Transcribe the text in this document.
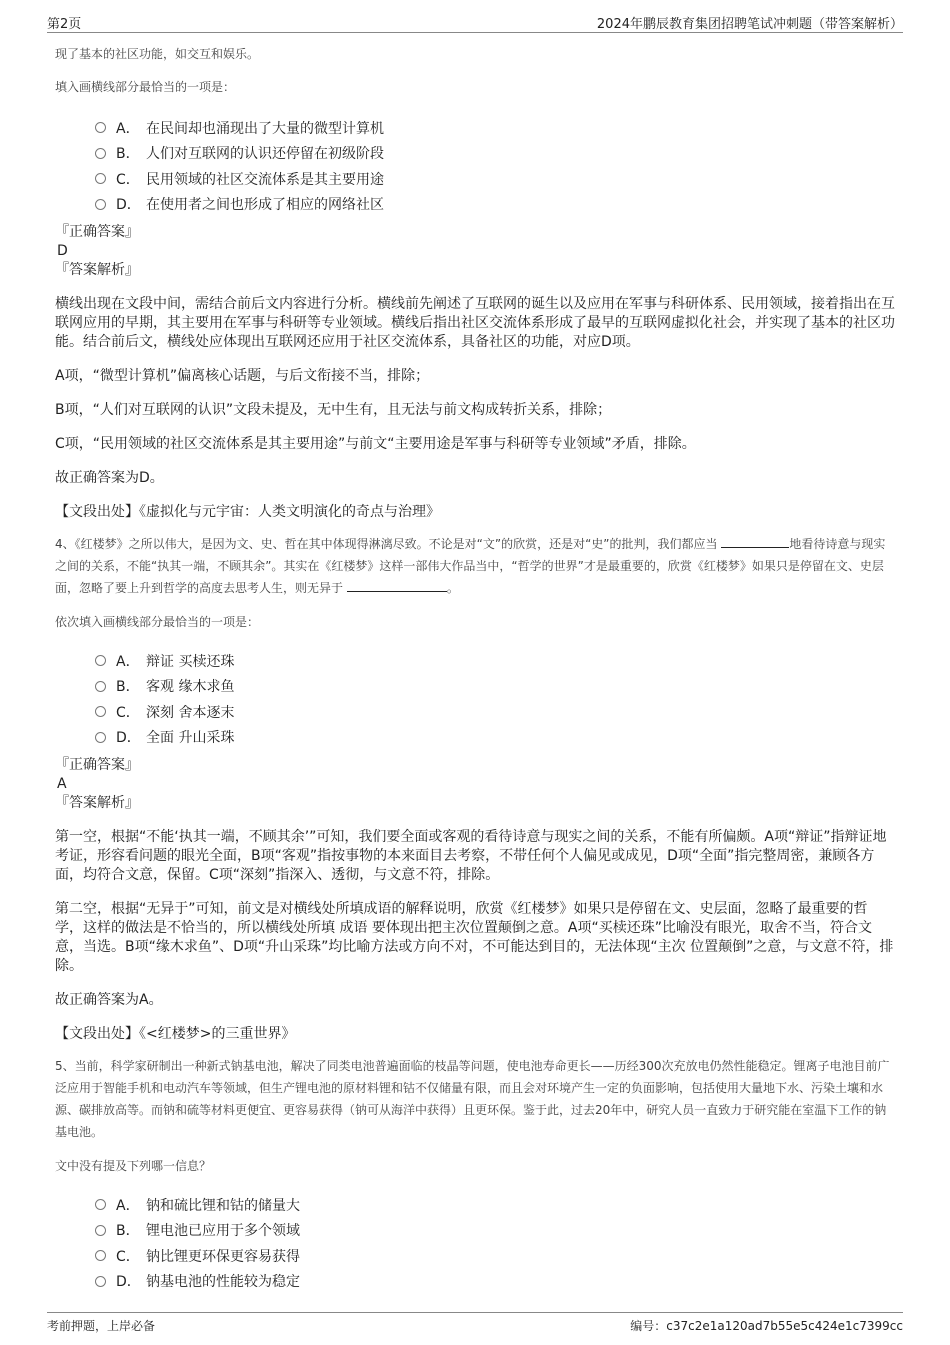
第2页	2024年鹏辰教育集团招聘笔试冲刺题（带答案解析）

现了基本的社区功能，如交互和娱乐。

填入画横线部分最恰当的一项是：

A． 在民间却也涌现出了大量的微型计算机
B． 人们对互联网的认识还停留在初级阶段
C． 民用领域的社区交流体系是其主要用途
D． 在使用者之间也形成了相应的网络社区

『正确答案』

D

『答案解析』

横线出现在文段中间，需结合前后文内容进行分析。横线前先阐述了互联网的诞生以及应用在军事与科研体系、民用领域，接着指出在互联网应用的早期，其主要用在军事与科研等专业领域。横线后指出社区交流体系形成了最早的互联网虚拟化社会，并实现了基本的社区功能。结合前后文，横线处应体现出互联网还应用于社区交流体系，具备社区的功能，对应D项。

A项，“微型计算机”偏离核心话题，与后文衔接不当，排除；

B项，“人们对互联网的认识”文段未提及，无中生有，且无法与前文构成转折关系，排除；

C项，“民用领域的社区交流体系是其主要用途”与前文“主要用途是军事与科研等专业领域”矛盾，排除。

故正确答案为D。

【文段出处】《虚拟化与元宇宙：人类文明演化的奇点与治理》

4、《红楼梦》之所以伟大，是因为文、史、哲在其中体现得淋漓尽致。不论是对“文”的欣赏，还是对“史”的批判，我们都应当	地看待诗意与现实之间的关系，不能“执其一端，不顾其余”。其实在《红楼梦》这样一部伟大作品当中，“哲学的世界”才是最重要的，欣赏《红楼梦》如果只是停留在文、史层面，忽略了要上升到哲学的高度去思考人生，则无异于	。

依次填入画横线部分最恰当的一项是：

A． 辩证 买椟还珠
B． 客观 缘木求鱼
C． 深刻 舍本逐末
D． 全面 升山采珠

『正确答案』

A

『答案解析』

第一空，根据“不能‘执其一端，不顾其余’”可知，我们要全面或客观的看待诗意与现实之间的关系，不能有所偏颇。A项“辩证”指辩证地考证，形容看问题的眼光全面，B项“客观”指按事物的本来面目去考察，不带任何个人偏见或成见，D项“全面”指完整周密，兼顾各方面，均符合文意，保留。C项“深刻”指深入、透彻，与文意不符，排除。

第二空，根据“无异于”可知，前文是对横线处所填成语的解释说明，欣赏《红楼梦》如果只是停留在文、史层面，忽略了最重要的哲学，这样的做法是不恰当的，所以横线处所填 成语 要体现出把主次位置颠倒之意。A项“买椟还珠”比喻没有眼光，取舍不当，符合文意，当选。B项“缘木求鱼”、D项“升山采珠”均比喻方法或方向不对，不可能达到目的，无法体现“主次 位置颠倒”之意，与文意不符，排除。

故正确答案为A。

【文段出处】《<红楼梦>的三重世界》

5、当前，科学家研制出一种新式钠基电池，解决了同类电池普遍面临的枝晶等问题，使电池寿命更长——历经300次充放电仍然性能稳定。锂离子电池目前广泛应用于智能手机和电动汽车等领域，但生产锂电池的原材料锂和钴不仅储量有限，而且会对环境产生一定的负面影响，包括使用大量地下水、污染土壤和水源、碳排放高等。而钠和硫等材料更便宜、更容易获得（钠可从海洋中获得）且更环保。鉴于此，过去20年中，研究人员一直致力于研究能在室温下工作的钠基电池。

文中没有提及下列哪一信息？

A． 钠和硫比锂和钴的储量大
B． 锂电池已应用于多个领域
C． 钠比锂更环保更容易获得
D． 钠基电池的性能较为稳定
考前押题，上岸必备	编号：c37c2e1a120ad7b55e5c424e1c7399cc
